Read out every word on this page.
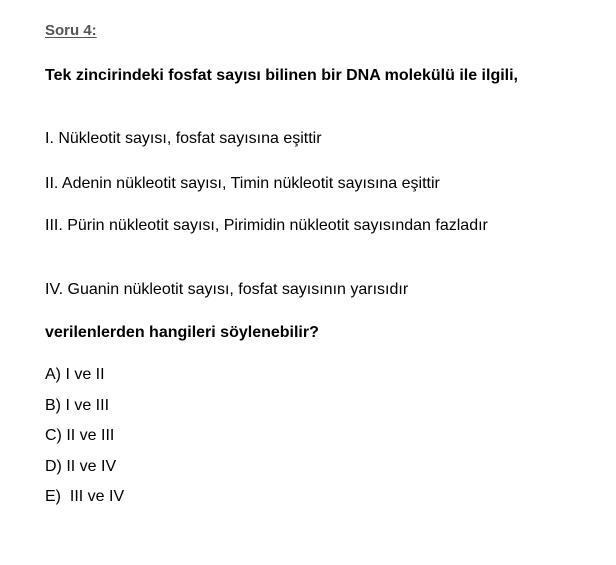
Soru 4:
Tek zincirindeki fosfat sayısı bilinen bir DNA molekülü ile ilgili,
I. Nükleotit sayısı, fosfat sayısına eşittir
II. Adenin nükleotit sayısı, Timin nükleotit sayısına eşittir
III. Pürin nükleotit sayısı, Pirimidin nükleotit sayısından fazladır
IV. Guanin nükleotit sayısı, fosfat sayısının yarısıdır
verilenlerden hangileri söylenebilir?
A) I ve II
B) I ve III
C) II ve III
D) II ve IV
E)  III ve IV
